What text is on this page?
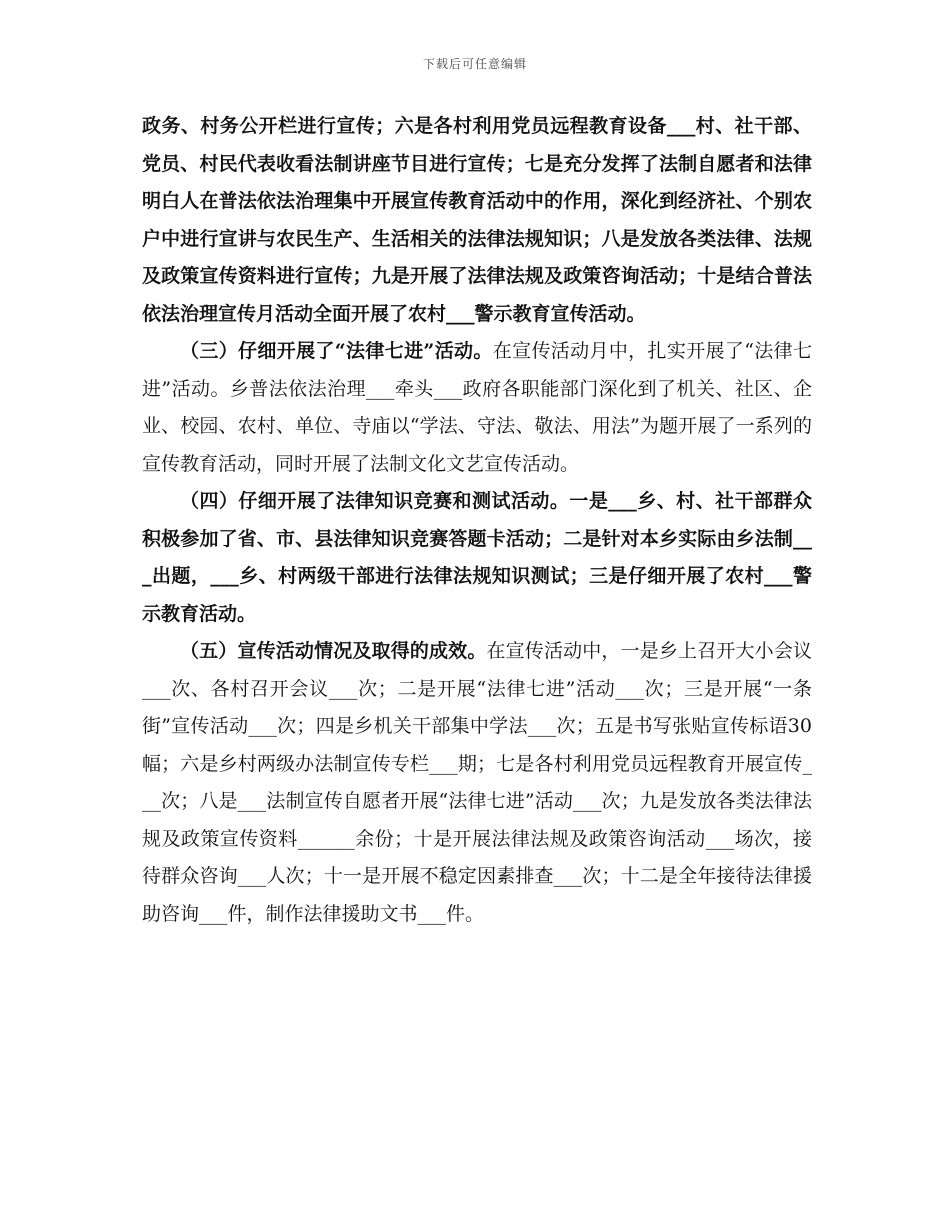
下载后可任意编辑

政务、村务公开栏进行宣传；六是各村利用党员远程教育设备___村、社干部、党员、村民代表收看法制讲座节目进行宣传；七是充分发挥了法制自愿者和法律明白人在普法依法治理集中开展宣传教育活动中的作用，深化到经济社、个别农户中进行宣讲与农民生产、生活相关的法律法规知识；八是发放各类法律、法规及政策宣传资料进行宣传；九是开展了法律法规及政策咨询活动；十是结合普法依法治理宣传月活动全面开展了农村___警示教育宣传活动。

（三）仔细开展了“法律七进”活动。在宣传活动月中，扎实开展了“法律七进”活动。乡普法依法治理___牵头___政府各职能部门深化到了机关、社区、企业、校园、农村、单位、寺庙以“学法、守法、敬法、用法”为题开展了一系列的宣传教育活动，同时开展了法制文化文艺宣传活动。

（四）仔细开展了法律知识竞赛和测试活动。一是___乡、村、社干部群众积极参加了省、市、县法律知识竞赛答题卡活动；二是针对本乡实际由乡法制___出题，___乡、村两级干部进行法律法规知识测试；三是仔细开展了农村___警示教育活动。

（五）宣传活动情况及取得的成效。在宣传活动中，一是乡上召开大小会议___次、各村召开会议___次；二是开展“法律七进”活动___次；三是开展“一条街”宣传活动___次；四是乡机关干部集中学法___次；五是书写张贴宣传标语30幅；六是乡村两级办法制宣传专栏___期；七是各村利用党员远程教育开展宣传___次；八是___法制宣传自愿者开展“法律七进”活动___次；九是发放各类法律法规及政策宣传资料______余份；十是开展法律法规及政策咨询活动___场次，接待群众咨询___人次；十一是开展不稳定因素排查___次；十二是全年接待法律援助咨询___件，制作法律援助文书___件。
